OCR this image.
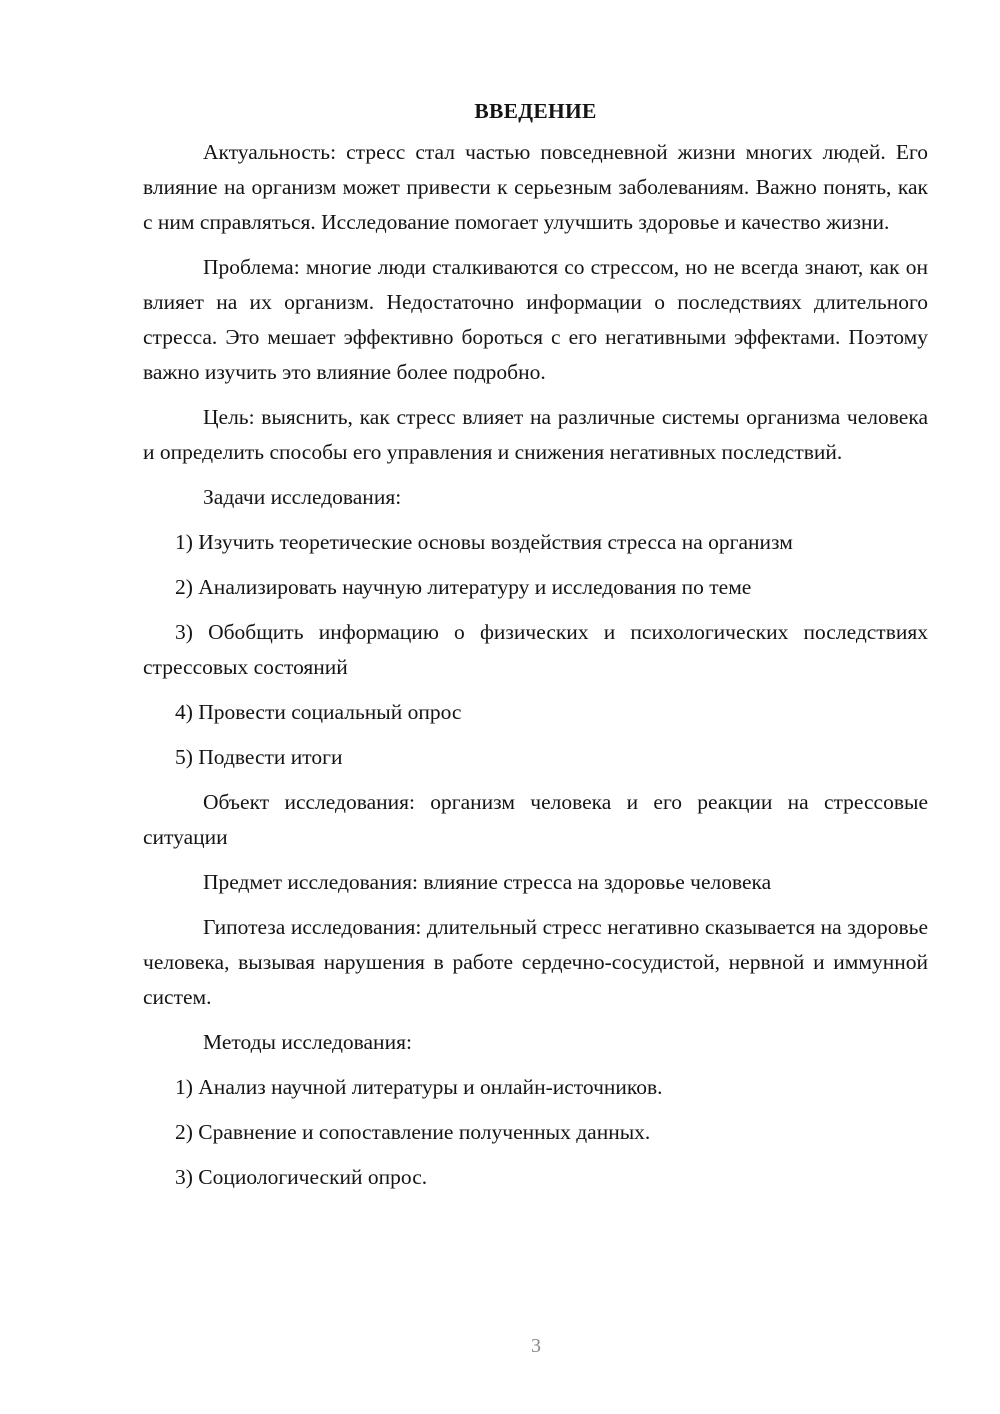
ВВЕДЕНИЕ

Актуальность: стресс стал частью повседневной жизни многих людей. Его влияние на организм может привести к серьезным заболеваниям. Важно понять, как с ним справляться. Исследование помогает улучшить здоровье и качество жизни.

Проблема: многие люди сталкиваются со стрессом, но не всегда знают, как он влияет на их организм. Недостаточно информации о последствиях длительного стресса. Это мешает эффективно бороться с его негативными эффектами. Поэтому важно изучить это влияние более подробно.

Цель: выяснить, как стресс влияет на различные системы организма человека и определить способы его управления и снижения негативных последствий.

Задачи исследования:

1) Изучить теоретические основы воздействия стресса на организм

2) Анализировать научную литературу и исследования по теме

3) Обобщить информацию о физических и психологических последствиях стрессовых состояний

4) Провести социальный опрос

5) Подвести итоги

Объект исследования: организм человека и его реакции на стрессовые ситуации

Предмет исследования: влияние стресса на здоровье человека

Гипотеза исследования: длительный стресс негативно сказывается на здоровье человека, вызывая нарушения в работе сердечно-сосудистой, нервной и иммунной систем.

Методы исследования:

1) Анализ научной литературы и онлайн-источников.

2) Сравнение и сопоставление полученных данных.

3) Социологический опрос.

3
